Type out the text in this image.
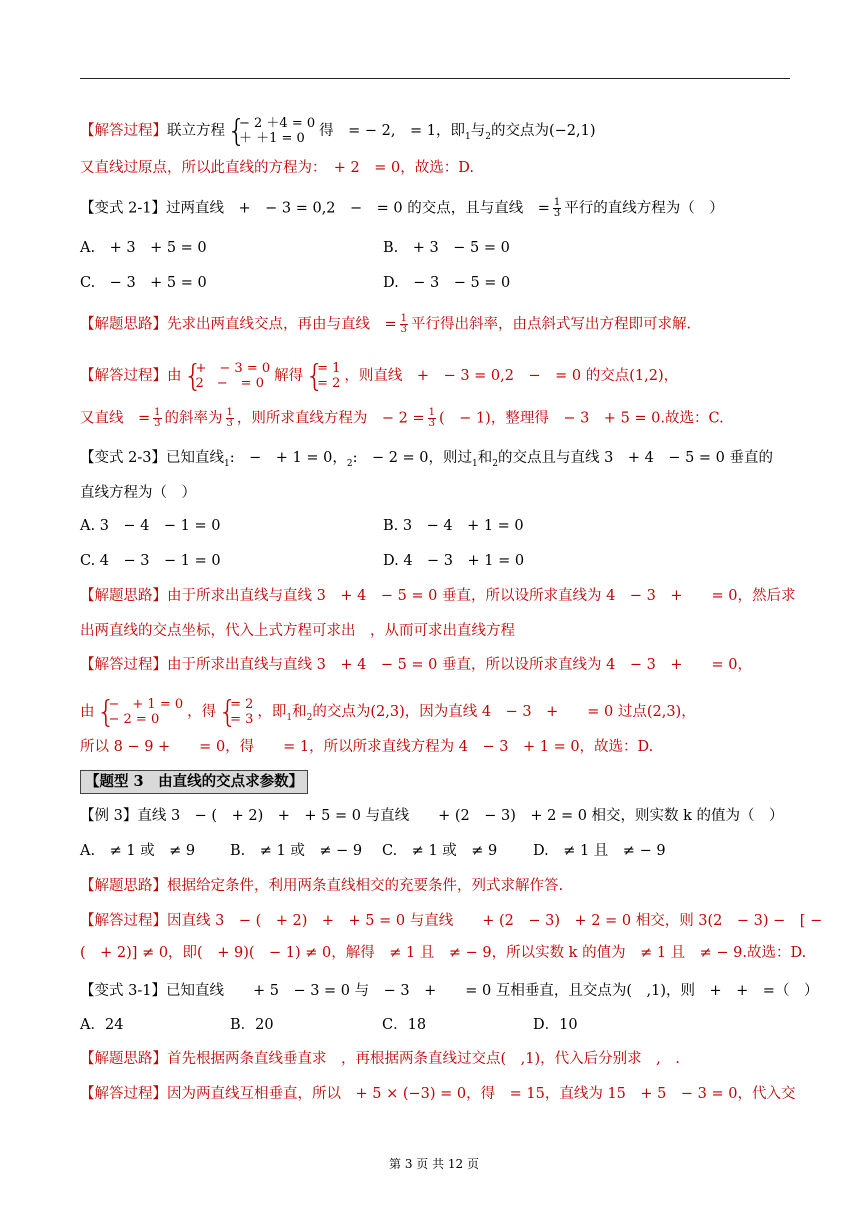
【解答过程】联立方程 { − 2 ＋4 = 0
＋ ＋1 = 0 得　= − 2,　= 1，即$_1$与$_2$的交点为(−2,1)
又直线过原点，所以此直线的方程为：　+ 2　= 0，故选：D.
【变式 2-1】过两直线　+　− 3 = 0,2　−　= 0 的交点，且与直线　= $\frac{1}{3}$ 平行的直线方程为（　）
A.　+ 3　+ 5 = 0	B.　+ 3　− 5 = 0
C.　− 3　+ 5 = 0	D.　− 3　− 5 = 0
【解题思路】先求出两直线交点，再由与直线　= $\frac{1}{3}$ 平行得出斜率，由点斜式写出方程即可求解.
【解答过程】由 { +　− 3 = 0
2　−　= 0 解得 { = 1
= 2 ，则直线　+　− 3 = 0,2　−　= 0 的交点(1,2)，
又直线　= $\frac{1}{3}$ 的斜率为 $\frac{1}{3}$ ，则所求直线方程为　− $2 = \frac{1}{3}$ (　− 1)，整理得　− 3　+ 5 = 0.故选：C.
【变式 2-3】已知直线$_1$:　−　+ 1 = 0，$_2$:　− 2 = 0，则过$_1$和$_2$的交点且与直线 3　+ 4　− 5 = 0 垂直的
直线方程为（　）
A. 3　− 4　− 1 = 0	B. 3　− 4　+ 1 = 0
C. 4　− 3　− 1 = 0	D. 4　− 3　+ 1 = 0
【解题思路】由于所求出直线与直线 3　+ 4　− 5 = 0 垂直，所以设所求直线为 4　− 3　+　　= 0，然后求
出两直线的交点坐标，代入上式方程可求出　，从而可求出直线方程
【解答过程】由于所求出直线与直线 3　+ 4　− 5 = 0 垂直，所以设所求直线为 4　− 3　+　　= 0，
由 { −　+ 1 = 0
− 2 = 0	，得 { = 2
= 3 ，即$_1$和$_2$的交点为(2,3)，因为直线 4　− 3　+　　= 0 过点(2,3)，
所以 8 − 9 +　　= 0，得　　= 1，所以所求直线方程为 4　− 3　+ 1 = 0，故选：D.
【题型 3　由直线的交点求参数】
【例 3】直线 3　− (　+ 2)　+　+ 5 = 0 与直线　　+ (2　− 3)　+ 2 = 0 相交，则实数 k 的值为（　）
A.　≠ 1 或　≠ 9 B.　≠ 1 或　≠ − 9 C.　≠ 1 或　≠ 9 D.　≠ 1 且　≠ − 9
【解题思路】根据给定条件，利用两条直线相交的充要条件，列式求解作答.
【解答过程】因直线 3　− (　+ 2)　+　+ 5 = 0 与直线　　+ (2　− 3)　+ 2 = 0 相交，则 3(2　− 3) −　[ −
(　+ 2)] ≠ 0，即(　+ 9)(　− 1) ≠ 0，解得　≠ 1 且　≠ − 9，所以实数 k 的值为　≠ 1 且　≠ − 9.故选：D.
【变式 3-1】已知直线　　+ 5　− 3 = 0 与　− 3　+　　= 0 互相垂直，且交点为(　,1)，则　+　+　=（　）
A．24	B．20	C．18	D．10
【解题思路】首先根据两条直线垂直求　，再根据两条直线过交点(　,1)，代入后分别求　,　.
【解答过程】因为两直线互相垂直，所以　+ 5 × (−3) = 0，得　= 15，直线为 15　+ 5　− 3 = 0，代入交
第 3 页 共 12 页
